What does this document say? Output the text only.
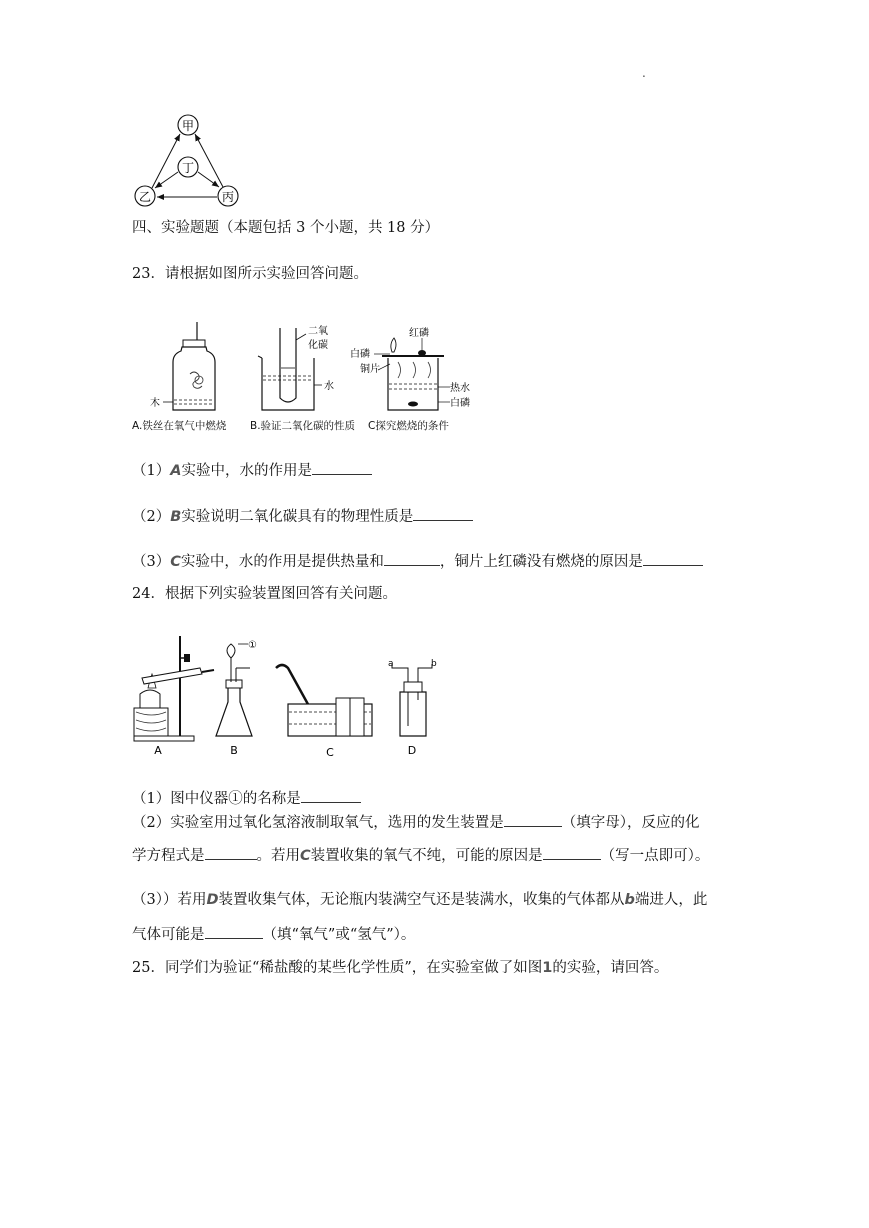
.
甲
丁
乙	丙
四、实验题题（本题包括 3 个小题，共 18 分）
23．请根据如图所示实验回答问题。
木
二氧
化碳
水
红磷
白磷
铜片
热水
白磷
A.铁丝在氧气中燃烧 B.验证二氧化碳的性质 C探究燃烧的条件
（1）A实验中，水的作用是
（2）B实验说明二氧化碳具有的物理性质是
（3）C实验中，水的作用是提供热量和	，铜片上红磷没有燃烧的原因是
24．根据下列实验装置图回答有关问题。
A
①
B	C
a	b
D
（1）图中仪器①的名称是
（2）实验室用过氧化氢溶液制取氧气，选用的发生装置是	（填字母），反应的化
学方程式是	。若用C装置收集的氧气不纯，可能的原因是	（写一点即可）。
（3））若用D装置收集气体，无论瓶内装满空气还是装满水，收集的气体都从b端进人，此
气体可能是	（填“氧气”或“氢气”）。
25．同学们为验证“稀盐酸的某些化学性质”，在实验室做了如图1的实验，请回答。
